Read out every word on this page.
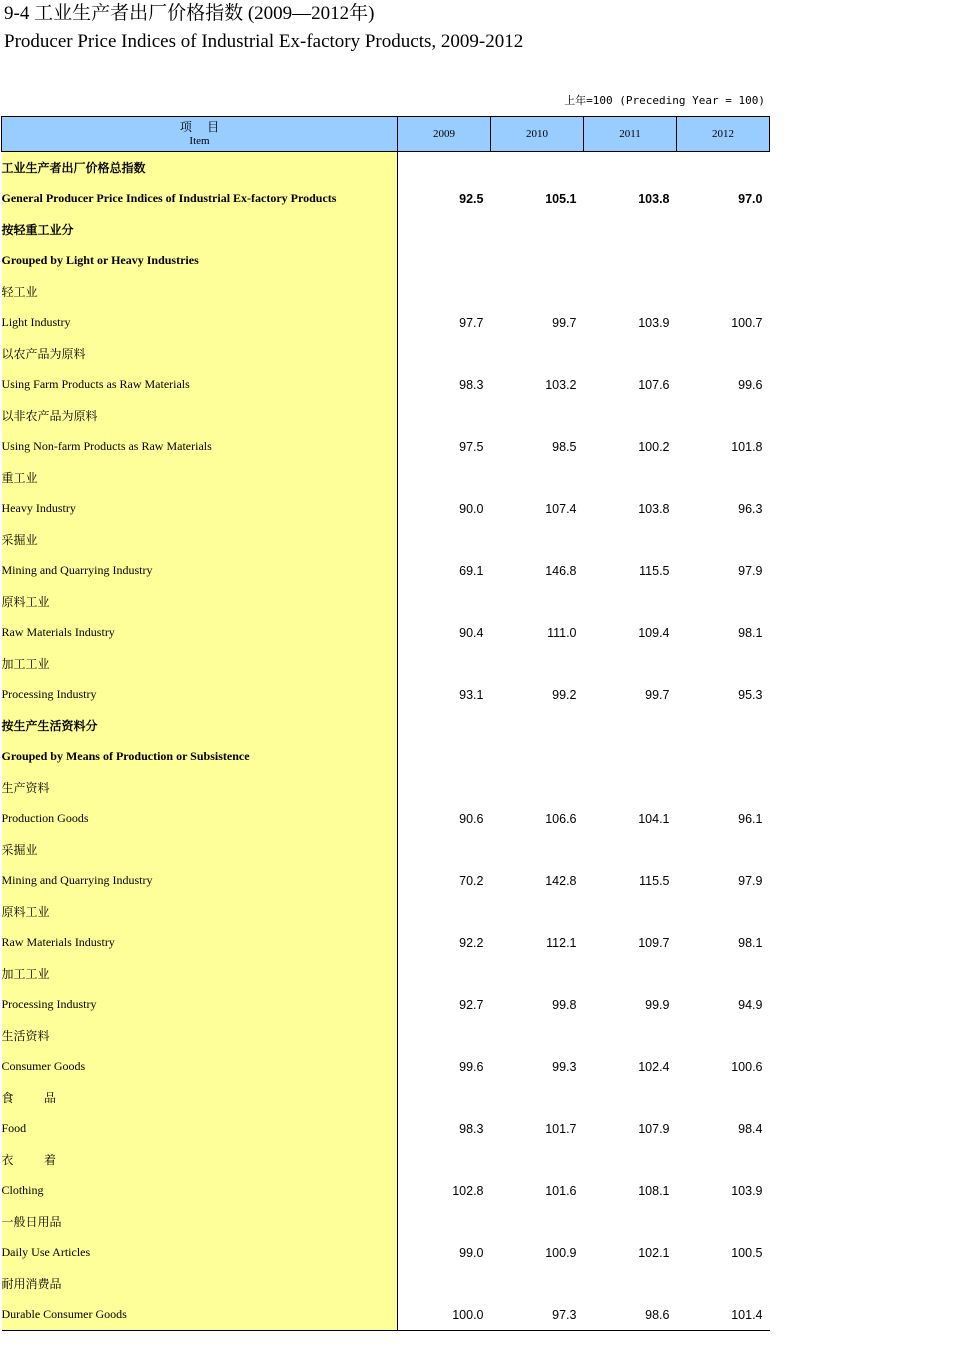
9-4 工业生产者出厂价格指数 (2009—2012年)
Producer Price Indices of Industrial Ex-factory Products, 2009-2012
上年=100 (Preceding Year = 100)
项    目
Item	2009	2010	2011	2012
工业生产者出厂价格总指数				
General Producer Price Indices of Industrial Ex-factory Products	92.5	105.1	103.8	97.0
按轻重工业分				
Grouped by Light or Heavy Industries				
轻工业				
Light Industry	97.7	99.7	103.9	100.7
以农产品为原料				
Using Farm Products as Raw Materials	98.3	103.2	107.6	99.6
以非农产品为原料				
Using Non-farm Products as Raw Materials	97.5	98.5	100.2	101.8
重工业				
Heavy Industry	90.0	107.4	103.8	96.3
采掘业				
Mining and Quarrying Industry	69.1	146.8	115.5	97.9
原料工业				
Raw Materials Industry	90.4	111.0	109.4	98.1
加工工业				
Processing Industry	93.1	99.2	99.7	95.3
按生产生活资料分				
Grouped by Means of Production or Subsistence				
生产资料				
Production Goods	90.6	106.6	104.1	96.1
采掘业				
Mining and Quarrying Industry	70.2	142.8	115.5	97.9
原料工业				
Raw Materials Industry	92.2	112.1	109.7	98.1
加工工业				
Processing Industry	92.7	99.8	99.9	94.9
生活资料				
Consumer Goods	99.6	99.3	102.4	100.6
食        品				
Food	98.3	101.7	107.9	98.4
衣        着				
Clothing	102.8	101.6	108.1	103.9
一般日用品				
Daily Use Articles	99.0	100.9	102.1	100.5
耐用消费品				
Durable Consumer Goods	100.0	97.3	98.6	101.4
